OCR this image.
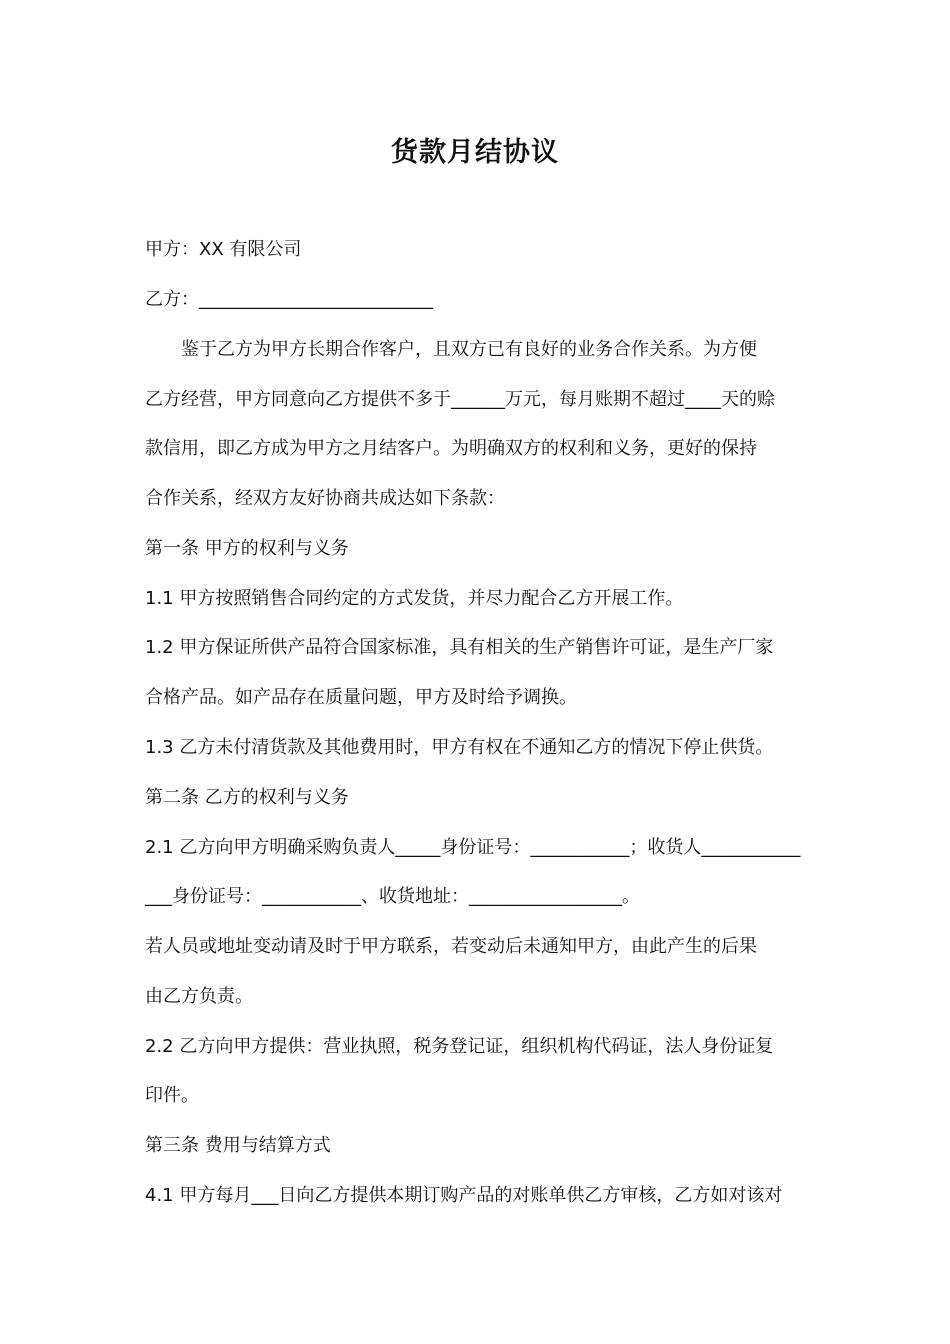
货款月结协议
甲方：XX 有限公司
乙方：__________________________
鉴于乙方为甲方长期合作客户，且双方已有良好的业务合作关系。为方便
乙方经营，甲方同意向乙方提供不多于______万元，每月账期不超过____天的赊
款信用，即乙方成为甲方之月结客户。为明确双方的权利和义务，更好的保持
合作关系，经双方友好协商共成达如下条款：
第一条 甲方的权利与义务
1.1 甲方按照销售合同约定的方式发货，并尽力配合乙方开展工作。
1.2 甲方保证所供产品符合国家标准，具有相关的生产销售许可证，是生产厂家
合格产品。如产品存在质量问题，甲方及时给予调换。
1.3 乙方未付清货款及其他费用时，甲方有权在不通知乙方的情况下停止供货。
第二条 乙方的权利与义务
2.1 乙方向甲方明确采购负责人_____身份证号：___________；收货人___________
___身份证号：___________、收货地址：_________________。
若人员或地址变动请及时于甲方联系，若变动后未通知甲方，由此产生的后果
由乙方负责。
2.2 乙方向甲方提供：营业执照，税务登记证，组织机构代码证，法人身份证复
印件。
第三条 费用与结算方式
4.1 甲方每月___日向乙方提供本期订购产品的对账单供乙方审核，乙方如对该对
